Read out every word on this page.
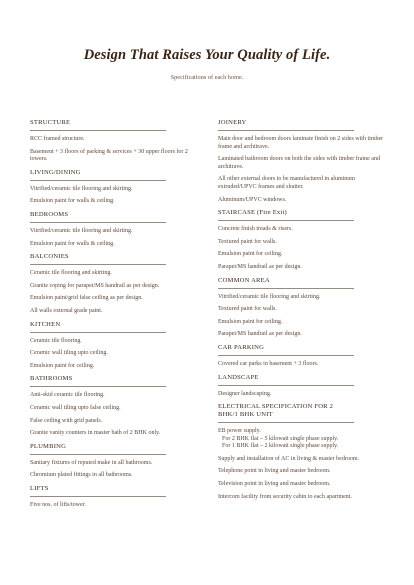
Design That Raises Your Quality of Life.
Specifications of each home.
STRUCTURE
RCC framed structure.
Basement + 3 floors of parking & services + 30 upper floors for 2 towers.
LIVING/DINING
Vitrified/ceramic tile flooring and skirting.
Emulsion paint for walls & ceiling.
BEDROOMS
Vitrified/ceramic tile flooring and skirting.
Emulsion paint for walls & ceiling.
BALCONIES
Ceramic tile flooring and skirting.
Granite coping for parapet/MS handrail as per design.
Emulsion paint/grid false ceiling as per design.
All walls external grade paint.
KITCHEN
Ceramic tile flooring.
Ceramic wall tiling upto ceiling.
Emulsion paint for ceiling.
BATHROOMS
Anti-skid ceramic tile flooring.
Ceramic wall tiling upto false ceiling.
False ceiling with grid panels.
Granite vanity counters in master bath of 2 BHK only.
PLUMBING
Sanitary fixtures of reputed make in all bathrooms.
Chromium plated fittings in all bathrooms.
LIFTS
Five nos. of lifts/tower.
JOINERY
Main door and bedroom doors laminate finish on 2 sides with timber frame and architrave.
Laminated bathroom doors on both the sides with timber frame and architrave.
All other external doors to be manufactured in aluminum extruded/UPVC frames and shutter.
Aluminum/UPVC windows.
STAIRCASE (Fire Exit)
Concrete finish treads & risers.
Textured paint for walls.
Emulsion paint for ceiling.
Parapet/MS handrail as per design.
COMMON AREA
Vitrified/ceramic tile flooring and skirting.
Textured paint for walls.
Emulsion paint for ceiling.
Parapet/MS handrail as per design.
CAR PARKING
Covered car parks in basement + 3 floors.
LANDSCAPE
Designer landscaping.
ELECTRICAL SPECIFICATION FOR 2 BHK/1 BHK UNIT
EB power supply.
For 2 BHK flat – 5 kilowatt single phase supply.
For 1 BHK flat – 2 kilowatt single phase supply.
Supply and installation of AC in living & master bedroom.
Telephone point in living and master bedroom.
Television point in living and master bedroom.
Intercom facility from security cabin to each apartment.
